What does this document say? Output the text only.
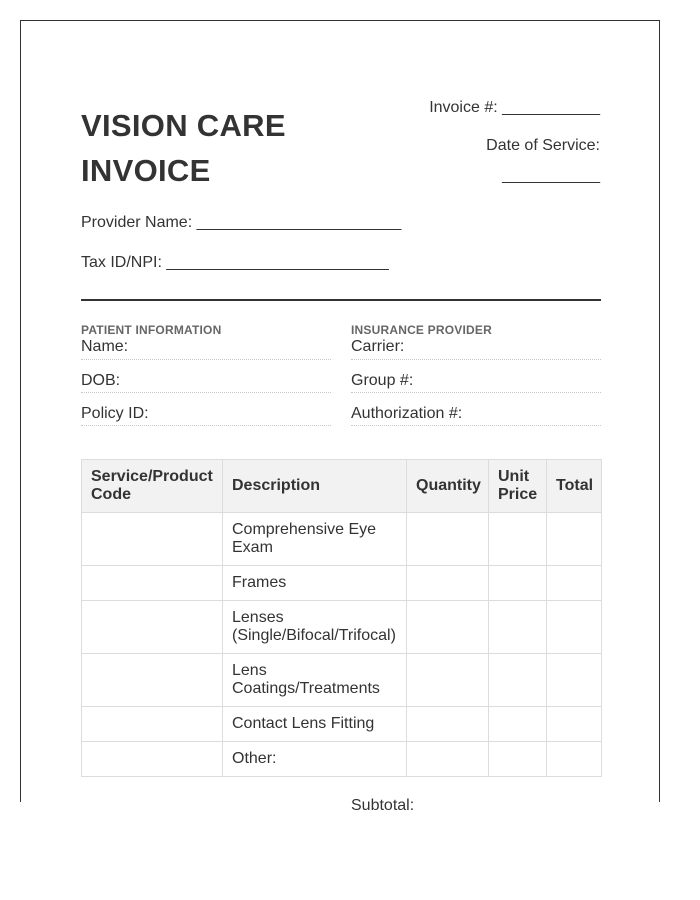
VISION CARE
INVOICE
Invoice #: ___________
Date of Service:
___________
Provider Name: _______________________
Tax ID/NPI: _________________________
PATIENT INFORMATION
Name:
DOB:
Policy ID:
INSURANCE PROVIDER
Carrier:
Group #:
Authorization #:
Service/Product Code	Description	Quantity	Unit Price	Total
	Comprehensive Eye Exam			
	Frames			
	Lenses (Single/Bifocal/Trifocal)			
	Lens Coatings/Treatments			
	Contact Lens Fitting			
	Other:			
Subtotal:
